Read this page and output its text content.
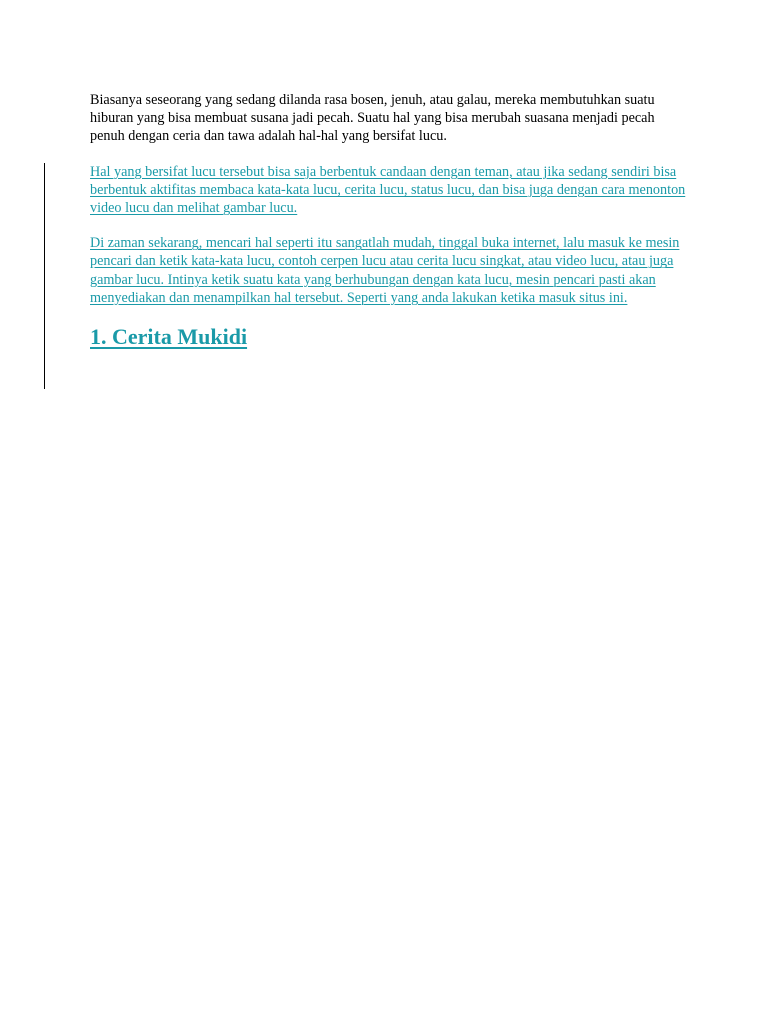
Biasanya seseorang yang sedang dilanda rasa bosen, jenuh, atau galau, mereka membutuhkan suatu hiburan yang bisa membuat susana jadi pecah. Suatu hal yang bisa merubah suasana menjadi pecah penuh dengan ceria dan tawa adalah hal-hal yang bersifat lucu.

Hal yang bersifat lucu tersebut bisa saja berbentuk candaan dengan teman, atau jika sedang sendiri bisa berbentuk aktifitas membaca kata-kata lucu, cerita lucu, status lucu, dan bisa juga dengan cara menonton video lucu dan melihat gambar lucu.

Di zaman sekarang, mencari hal seperti itu sangatlah mudah, tinggal buka internet, lalu masuk ke mesin pencari dan ketik kata-kata lucu, contoh cerpen lucu atau cerita lucu singkat, atau video lucu, atau juga gambar lucu. Intinya ketik suatu kata yang berhubungan dengan kata lucu, mesin pencari pasti akan menyediakan dan menampilkan hal tersebut. Seperti yang anda lakukan ketika masuk situs ini.

1. Cerita Mukidi
